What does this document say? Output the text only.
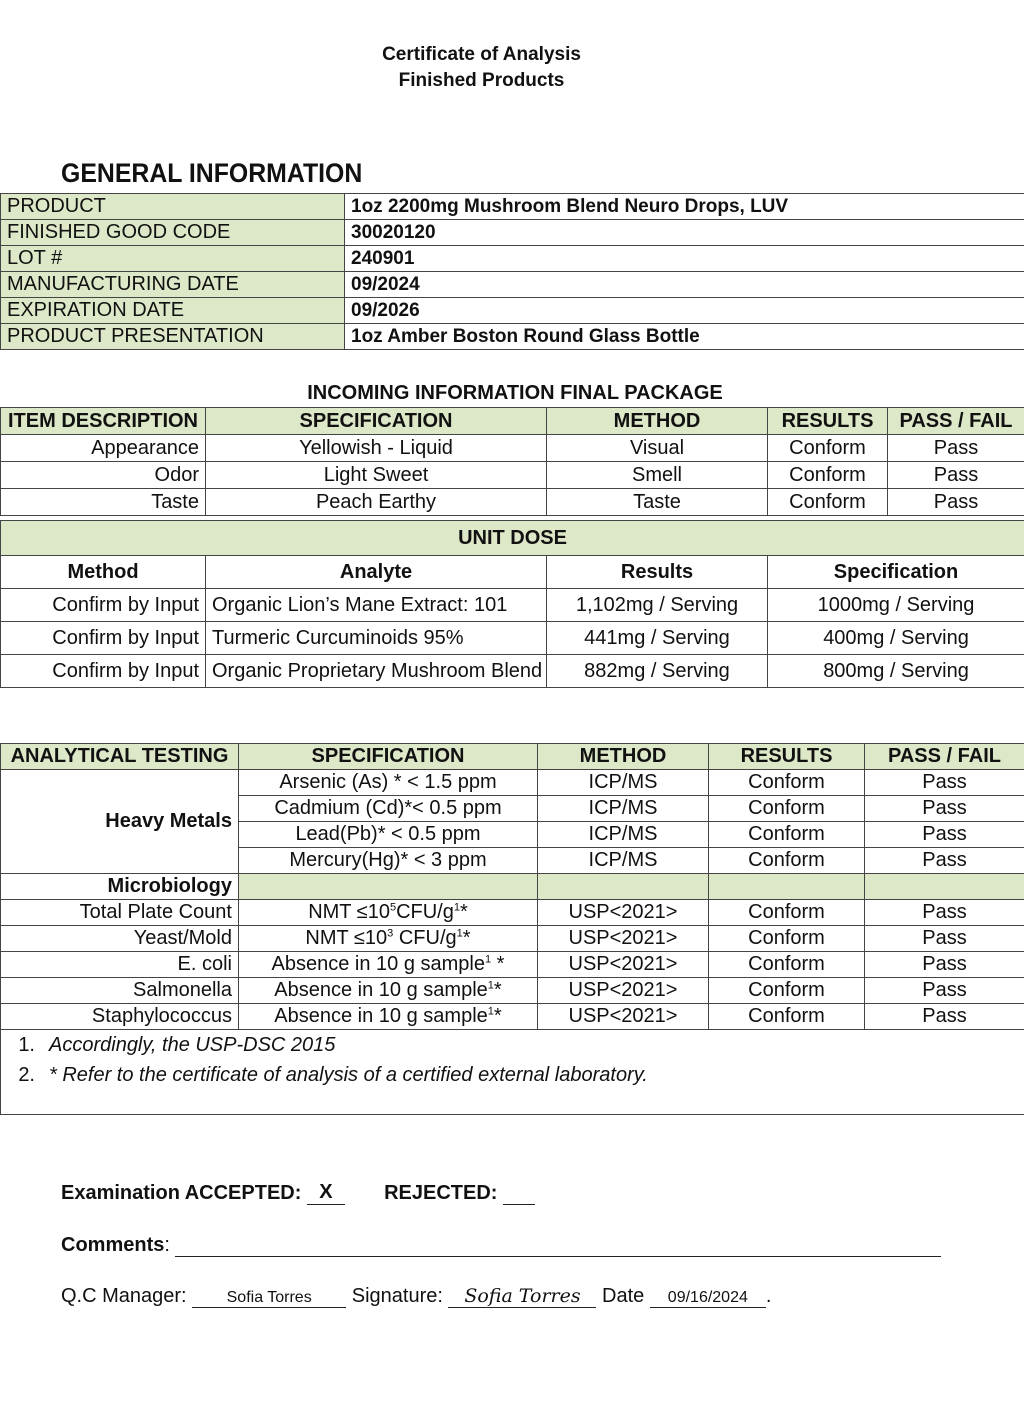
Certificate of Analysis
Finished Products
GENERAL INFORMATION
PRODUCT	1oz 2200mg Mushroom Blend Neuro Drops, LUV
FINISHED GOOD CODE	30020120
LOT #	240901
MANUFACTURING DATE	09/2024
EXPIRATION DATE	09/2026
PRODUCT PRESENTATION	1oz Amber Boston Round Glass Bottle
INCOMING INFORMATION FINAL PACKAGE
ITEM DESCRIPTION	SPECIFICATION	METHOD	RESULTS	PASS / FAIL
Appearance	Yellowish - Liquid	Visual	Conform	Pass
Odor	Light Sweet	Smell	Conform	Pass
Taste	Peach Earthy	Taste	Conform	Pass
UNIT DOSE			
Method	Analyte	Results	Specification
Confirm by Input	Organic Lion’s Mane Extract: 101	1,102mg / Serving	1000mg / Serving
Confirm by Input	Turmeric Curcuminoids 95%	441mg / Serving	400mg / Serving
Confirm by Input	Organic Proprietary Mushroom Blend	882mg / Serving	800mg / Serving
ANALYTICAL TESTING	SPECIFICATION	METHOD	RESULTS	PASS / FAIL
Heavy Metals	Arsenic (As) * < 1.5 ppm	ICP/MS	Conform	Pass
	Cadmium (Cd)*< 0.5 ppm	ICP/MS	Conform	Pass
	Lead(Pb)* < 0.5 ppm	ICP/MS	Conform	Pass
	Mercury(Hg)* < 3 ppm	ICP/MS	Conform	Pass
Microbiology				
Total Plate Count	NMT $\le 10^5CFU/g^1*$	USP<2021>	Conform	Pass
Yeast/Mold	NMT $\le 10^3$ CFU/$g^1*$	USP<2021>	Conform	Pass
E. coli	Absence in 10 g sample$^1$ *	USP<2021>	Conform	Pass
Salmonella	Absence in 10 g sample$^1$*	USP<2021>	Conform	Pass
Staphylococcus	Absence in 10 g sample$^1$*	USP<2021>	Conform	Pass

1. Accordingly, the USP-DSC 2015
2. * Refer to the certificate of analysis of a certified external laboratory.				
Examination ACCEPTED: X	REJECTED:
Comments:
Q.C Manager:	Sofia Torres Signature: Sofia Torres Date 09/16/2024 .
